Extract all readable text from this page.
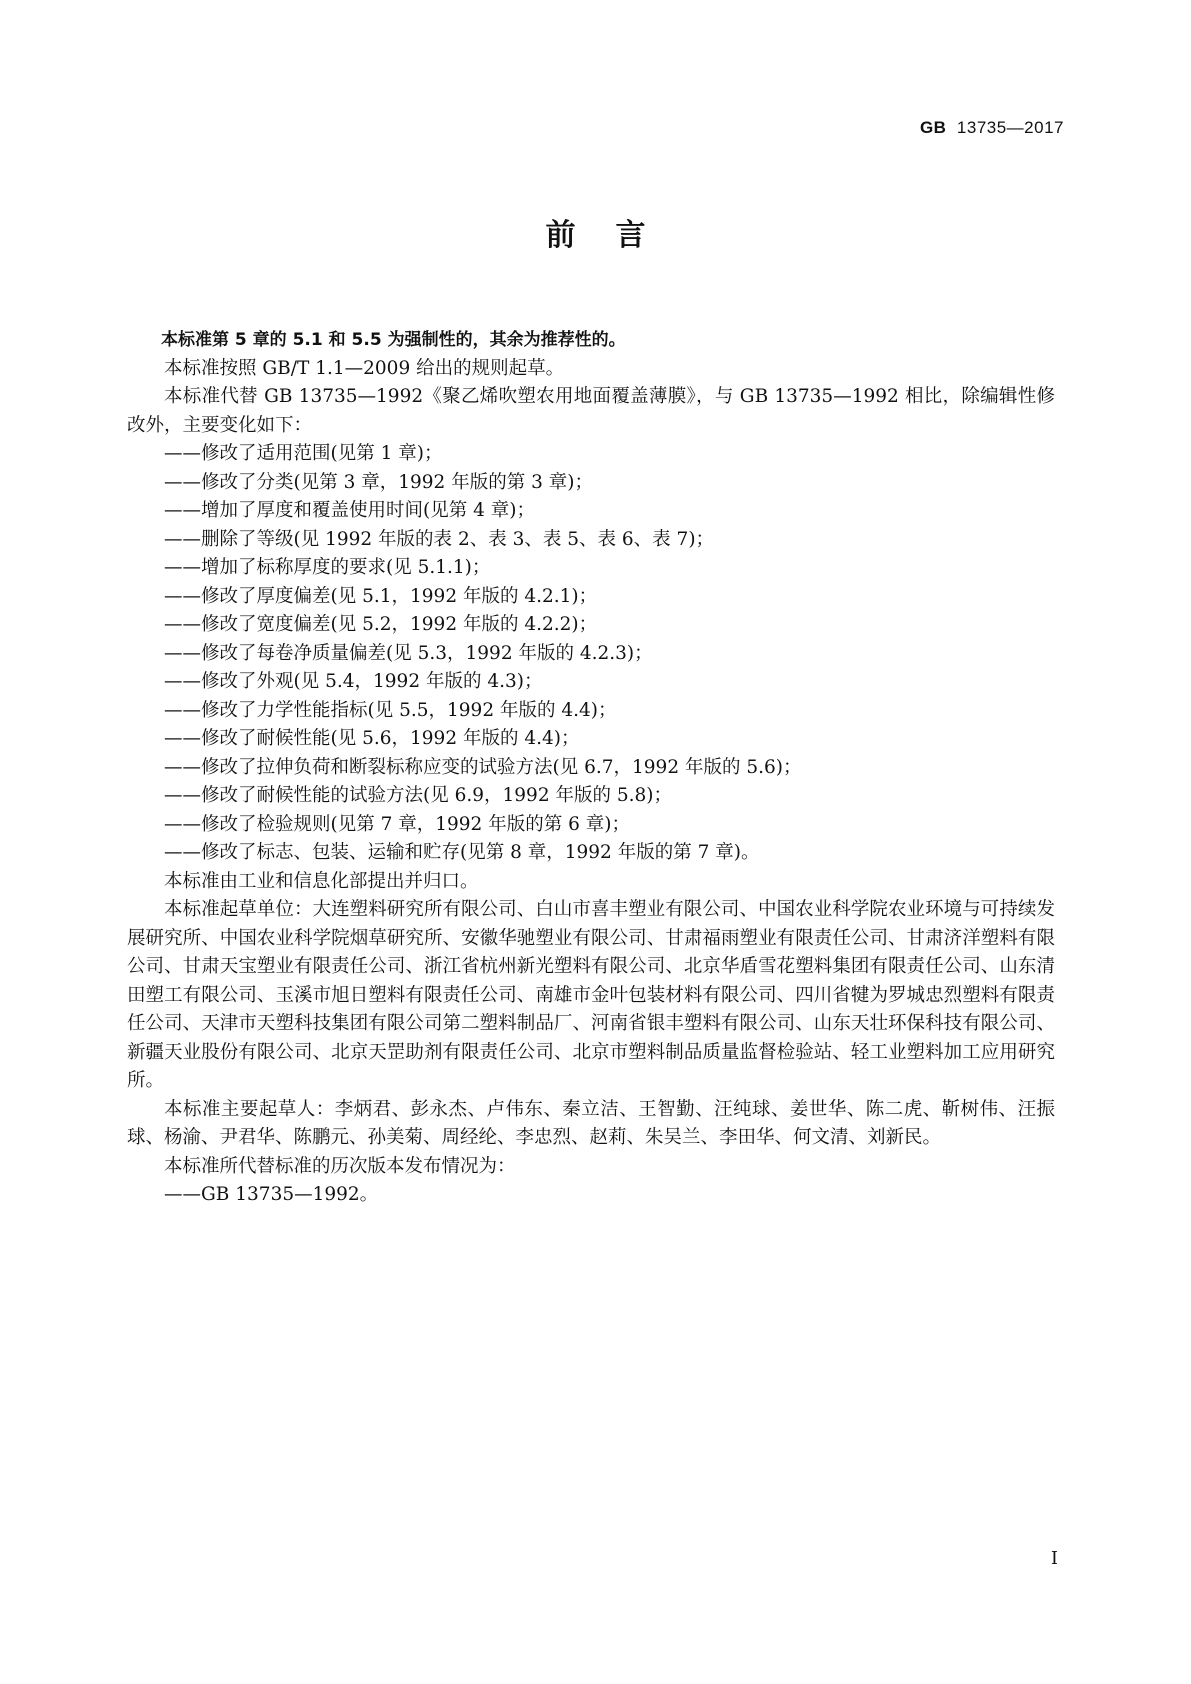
GB 13735—2017
前言

本标准第 5 章的 5.1 和 5.5 为强制性的，其余为推荐性的。

本标准按照 GB/T 1.1—2009 给出的规则起草。

本标准代替 GB 13735—1992《聚乙烯吹塑农用地面覆盖薄膜》，与 GB 13735—1992 相比，除编辑性修改外，主要变化如下：

——修改了适用范围(见第 1 章)；

——修改了分类(见第 3 章，1992 年版的第 3 章)；

——增加了厚度和覆盖使用时间(见第 4 章)；

——删除了等级(见 1992 年版的表 2、表 3、表 5、表 6、表 7)；

——增加了标称厚度的要求(见 5.1.1)；

——修改了厚度偏差(见 5.1，1992 年版的 4.2.1)；

——修改了宽度偏差(见 5.2，1992 年版的 4.2.2)；

——修改了每卷净质量偏差(见 5.3，1992 年版的 4.2.3)；

——修改了外观(见 5.4，1992 年版的 4.3)；

——修改了力学性能指标(见 5.5，1992 年版的 4.4)；

——修改了耐候性能(见 5.6，1992 年版的 4.4)；

——修改了拉伸负荷和断裂标称应变的试验方法(见 6.7，1992 年版的 5.6)；

——修改了耐候性能的试验方法(见 6.9，1992 年版的 5.8)；

——修改了检验规则(见第 7 章，1992 年版的第 6 章)；

——修改了标志、包装、运输和贮存(见第 8 章，1992 年版的第 7 章)。

本标准由工业和信息化部提出并归口。

本标准起草单位：大连塑料研究所有限公司、白山市喜丰塑业有限公司、中国农业科学院农业环境与可持续发展研究所、中国农业科学院烟草研究所、安徽华驰塑业有限公司、甘肃福雨塑业有限责任公司、甘肃济洋塑料有限公司、甘肃天宝塑业有限责任公司、浙江省杭州新光塑料有限公司、北京华盾雪花塑料集团有限责任公司、山东清田塑工有限公司、玉溪市旭日塑料有限责任公司、南雄市金叶包装材料有限公司、四川省犍为罗城忠烈塑料有限责任公司、天津市天塑科技集团有限公司第二塑料制品厂、河南省银丰塑料有限公司、山东天壮环保科技有限公司、新疆天业股份有限公司、北京天罡助剂有限责任公司、北京市塑料制品质量监督检验站、轻工业塑料加工应用研究所。

本标准主要起草人：李炳君、彭永杰、卢伟东、秦立洁、王智勤、汪纯球、姜世华、陈二虎、靳树伟、汪振球、杨渝、尹君华、陈鹏元、孙美菊、周经纶、李忠烈、赵莉、朱吴兰、李田华、何文清、刘新民。

本标准所代替标准的历次版本发布情况为：

——GB 13735—1992。

I
